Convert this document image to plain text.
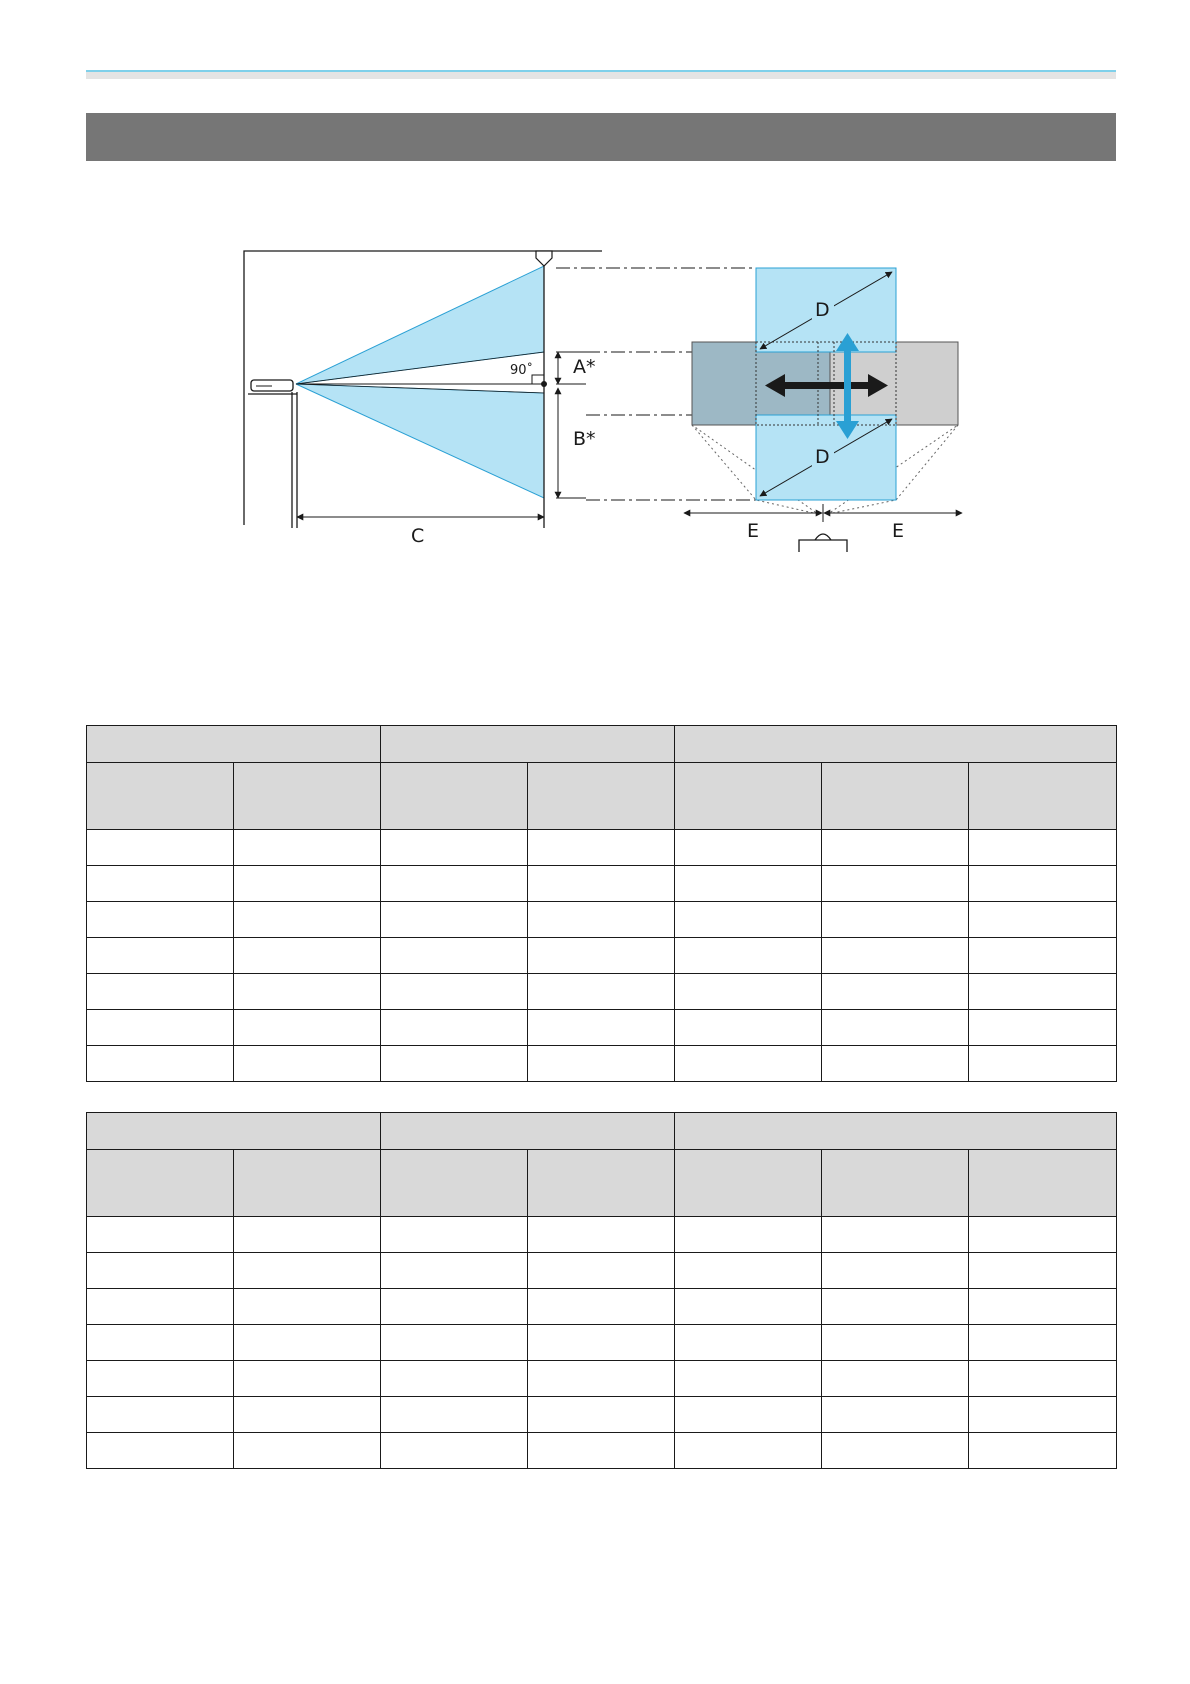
90˚ A*
B*
C
D
D
E	E
